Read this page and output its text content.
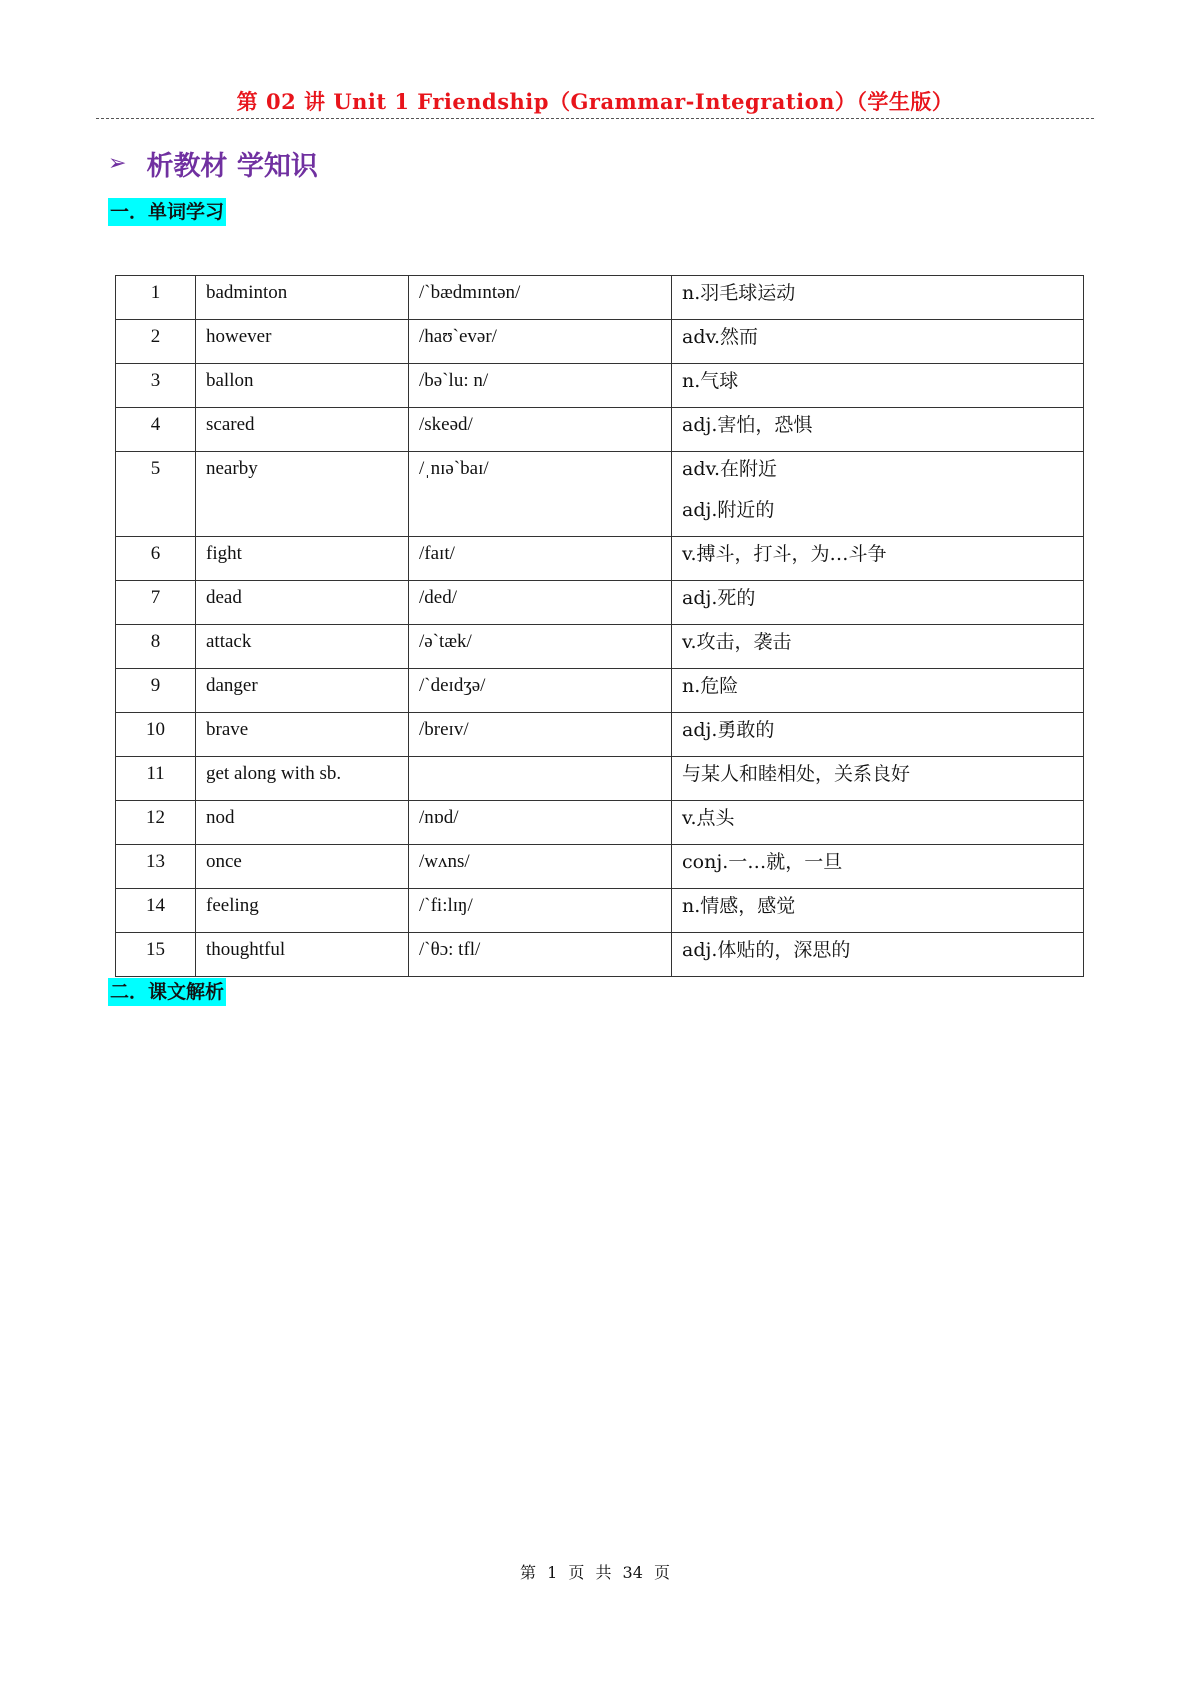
第 02 讲 Unit 1 Friendship（Grammar-Integration）（学生版）
➢ 析教材 学知识
一．单词学习
1	badminton	/ˋbædmɪntən/	n.羽毛球运动

2	however	/haʊˋevər/	adv.然而

3	ballon	/bəˋlu: n/	n.气球

4	scared	/skeəd/	adj.害怕，恐惧

5	nearby	/ˌnɪəˋbaɪ/	adv.在附近
adj.附近的

6	fight	/faɪt/	v.搏斗，打斗，为…斗争

7	dead	/ded/	adj.死的

8	attack	/əˋtæk/	v.攻击，袭击

9	danger	/ˋdeɪdʒə/	n.危险

10	brave	/breɪv/	adj.勇敢的

11	get along with sb.		与某人和睦相处，关系良好

12	nod	/nɒd/	v.点头

13	once	/wʌns/	conj.一…就，一旦

14	feeling	/ˋfi:lɪŋ/	n.情感，感觉

15	thoughtful	/ˋθɔ: tfl/	adj.体贴的，深思的
二．课文解析
第 1 页 共 34 页
